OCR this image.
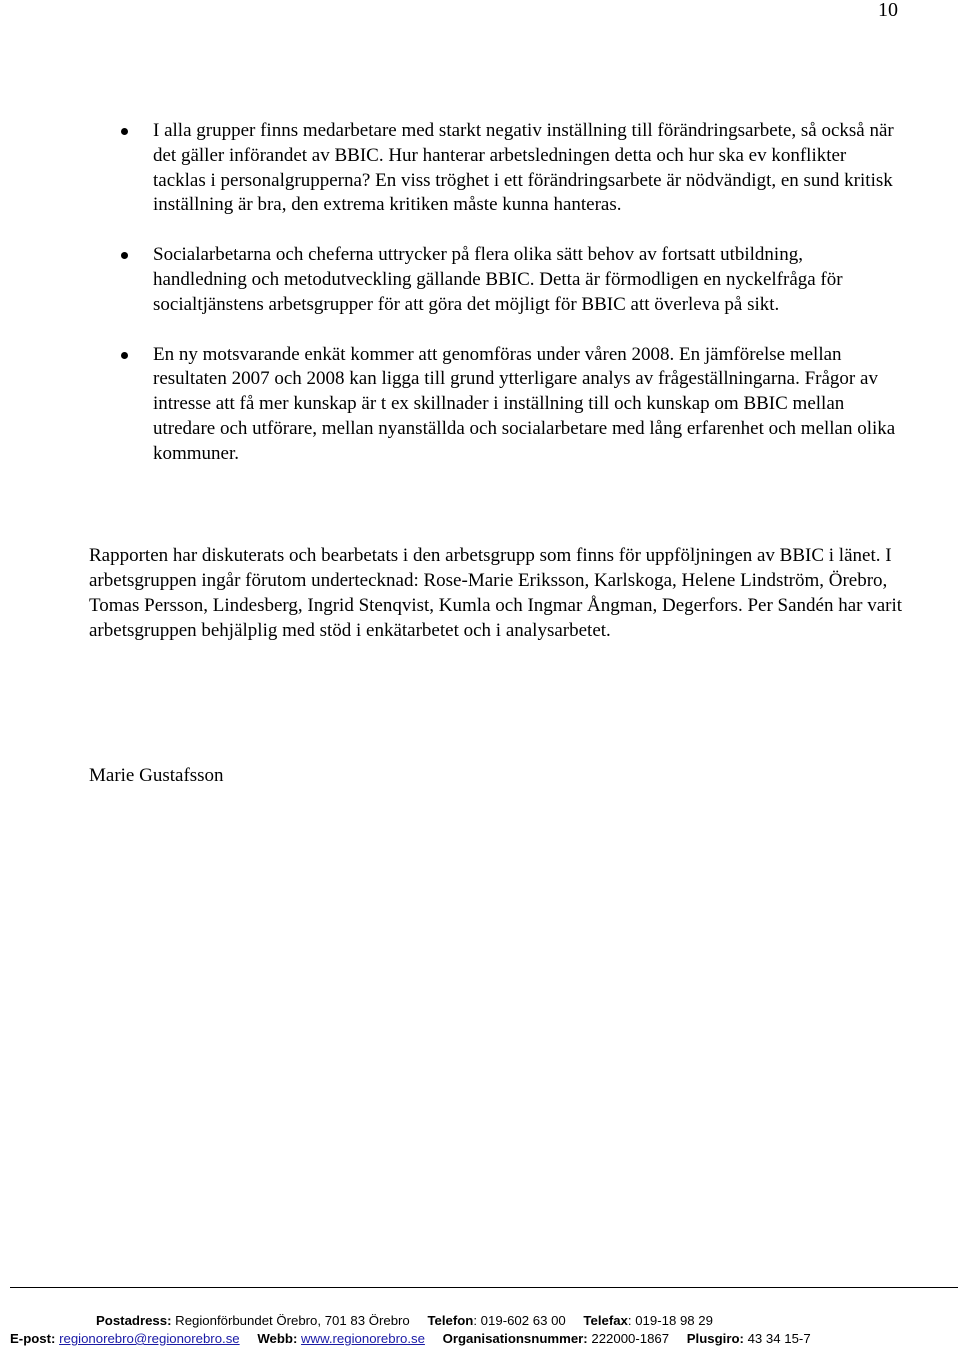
10
I alla grupper finns medarbetare med starkt negativ inställning till förändringsarbete, så också när det gäller införandet av BBIC. Hur hanterar arbetsledningen detta och hur ska ev konflikter tacklas i personalgrupperna? En viss tröghet i ett förändringsarbete är nödvändigt, en sund kritisk inställning är bra, den extrema kritiken måste kunna hanteras.
Socialarbetarna och cheferna uttrycker på flera olika sätt behov av fortsatt utbildning, handledning och metodutveckling gällande BBIC. Detta är förmodligen en nyckelfråga för socialtjänstens arbetsgrupper för att göra det möjligt för BBIC att överleva på sikt.
En ny motsvarande enkät kommer att genomföras under våren 2008. En jämförelse mellan resultaten 2007 och 2008 kan ligga till grund ytterligare analys av frågeställningarna. Frågor av intresse att få mer kunskap är t ex skillnader i inställning till och kunskap om BBIC mellan utredare och utförare, mellan nyanställda och socialarbetare med lång erfarenhet och mellan olika kommuner.

Rapporten har diskuterats och bearbetats i den arbetsgrupp som finns för uppföljningen av BBIC i länet. I arbetsgruppen ingår förutom undertecknad: Rose-Marie Eriksson, Karlskoga, Helene Lindström, Örebro, Tomas Persson, Lindesberg, Ingrid Stenqvist, Kumla och Ingmar Ångman, Degerfors. Per Sandén har varit arbetsgruppen behjälplig med stöd i enkätarbetet och i analysarbetet.

Marie Gustafsson

Postadress: Regionförbundet Örebro, 701 83 Örebro Telefon: 019-602 63 00 Telefax: 019-18 98 29
E-post: regionorebro@regionorebro.se Webb: www.regionorebro.se Organisationsnummer: 222000-1867 Plusgiro: 43 34 15-7
